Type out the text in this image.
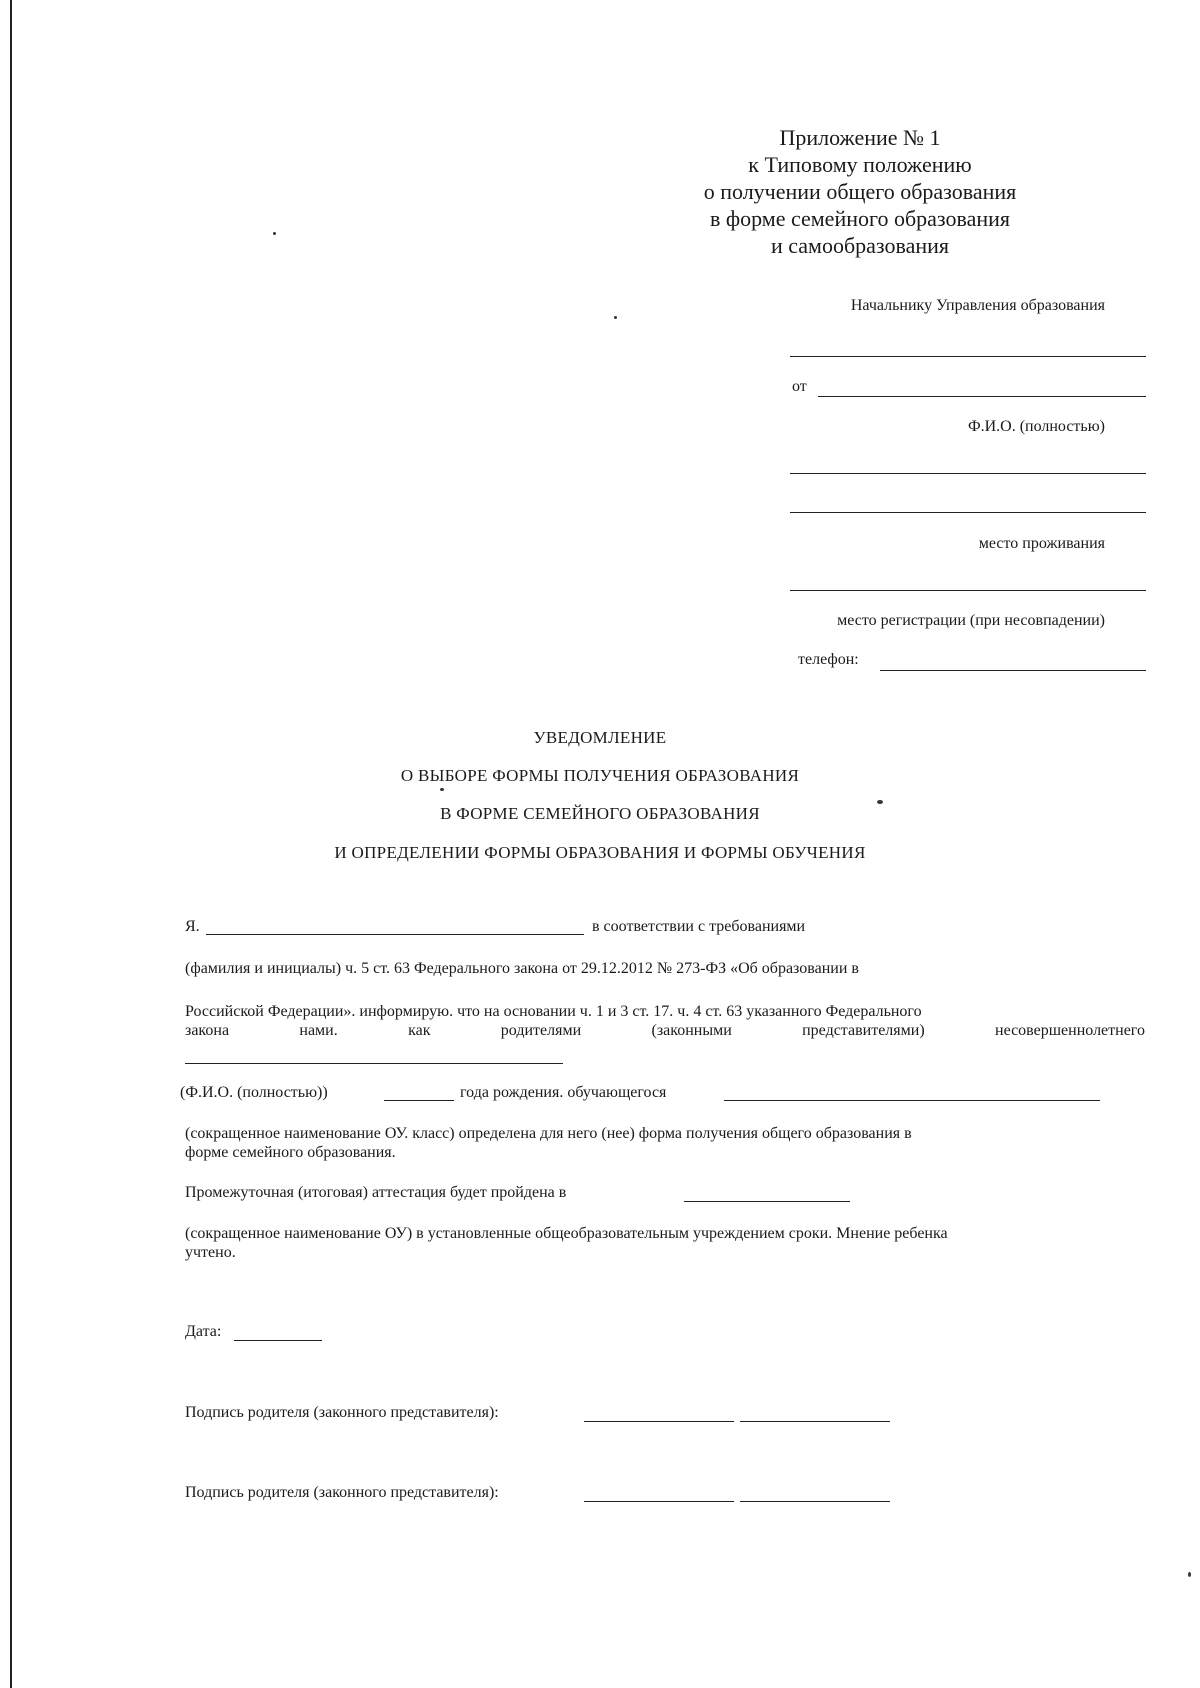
Приложение № 1
к Типовому положению
о получении общего образования
в форме семейного образования
и самообразования
Начальнику Управления образования
от
Ф.И.О. (полностью)
место проживания
место регистрации (при несовпадении)
телефон:
УВЕДОМЛЕНИЕ
О ВЫБОРЕ ФОРМЫ ПОЛУЧЕНИЯ ОБРАЗОВАНИЯ
В ФОРМЕ СЕМЕЙНОГО ОБРАЗОВАНИЯ
И ОПРЕДЕЛЕНИИ ФОРМЫ ОБРАЗОВАНИЯ И ФОРМЫ ОБУЧЕНИЯ
Я.	в соответствии с требованиями
(фамилия и инициалы) ч. 5 ст. 63 Федерального закона от 29.12.2012 № 273-ФЗ «Об образовании в
Российской Федерации». информирую. что на основании ч. 1 и 3 ст. 17. ч. 4 ст. 63 указанного Федерального
закона	нами.	как	родителями	(законными	представителями)	несовершеннолетнего
(Ф.И.О. (полностью))	года рождения. обучающегося
(сокращенное наименование ОУ. класс) определена для него (нее) форма получения общего образования в
форме семейного образования.
Промежуточная (итоговая) аттестация будет пройдена в
(сокращенное наименование ОУ) в установленные общеобразовательным учреждением сроки. Мнение ребенка
учтено.
Дата:
Подпись родителя (законного представителя):
Подпись родителя (законного представителя):
